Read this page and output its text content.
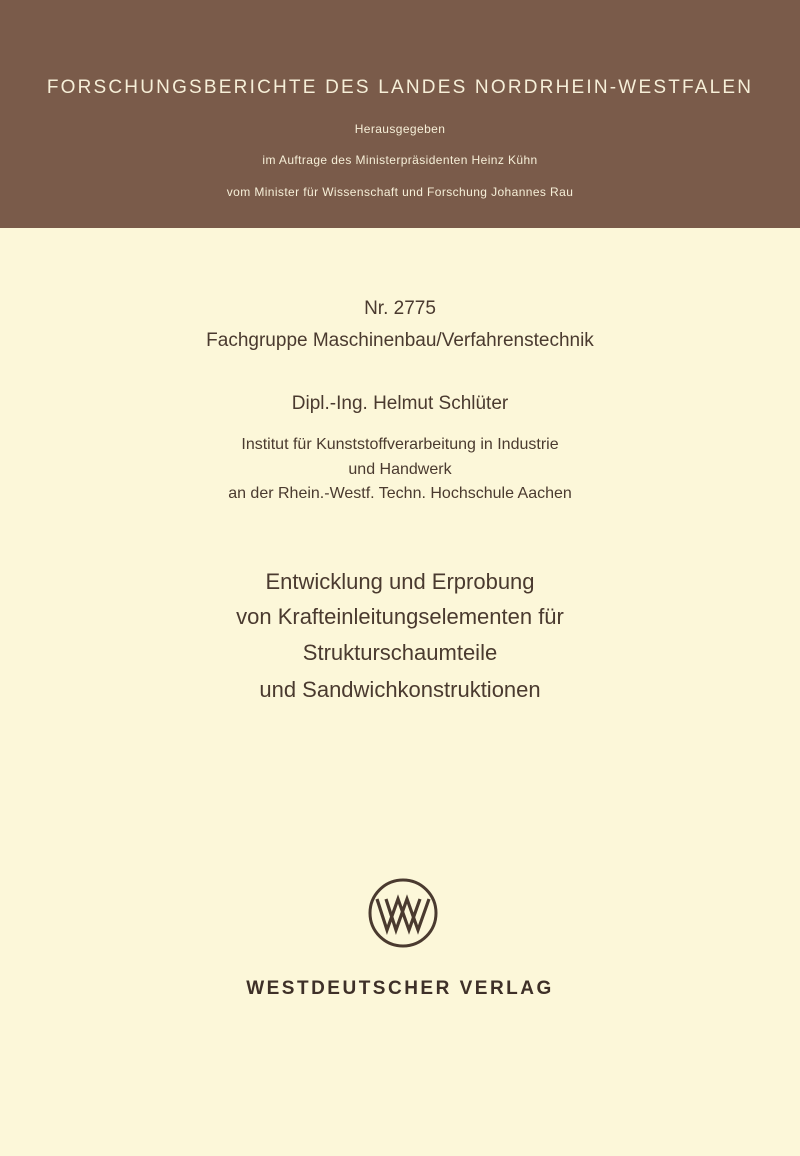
FORSCHUNGSBERICHTE DES LANDES NORDRHEIN-WESTFALEN
Herausgegeben
im Auftrage des Ministerpräsidenten Heinz Kühn
vom Minister für Wissenschaft und Forschung Johannes Rau
Nr. 2775
Fachgruppe Maschinenbau/Verfahrenstechnik
Dipl.-Ing. Helmut Schlüter
Institut für Kunststoffverarbeitung in Industrie
und Handwerk
an der Rhein.-Westf. Techn. Hochschule Aachen
Entwicklung und Erprobung
von Krafteinleitungselementen für
Strukturschaumteile
und Sandwichkonstruktionen
WESTDEUTSCHER VERLAG
